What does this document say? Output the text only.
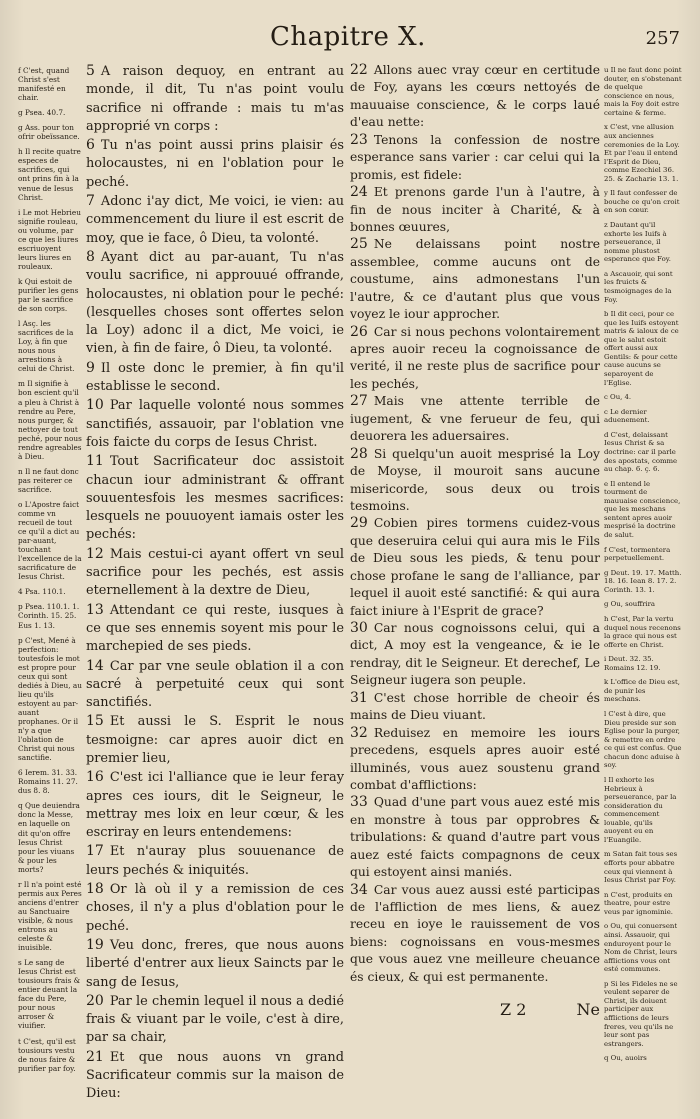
Chapitre X.	257
f C'est, quand Christ s'est manifesté en chair.
g Psea. 40.7.
g Ass. pour ton ofrir obeïssance.
h Il recite quatre especes de sacrifices, qui ont prins fin à la venue de Iesus Christ.
i Le mot Hebrieu signifie rouleau, ou volume, par ce que les liures escriuoyent leurs liures en rouleaux.
k Qui estoit de purifier les gens par le sacrifice de son corps.
l Asç. les sacrifices de la Loy, à fin que nous nous arrestions à celui de Christ.
m Il signifie à bon escient qu'il a pleu à Christ à rendre au Pere, nous purger, & nettoyer de tout peché, pour nous rendre agreables à Dieu.
n Il ne faut donc pas reiterer ce sacrifice.
o L'Apostre faict comme vn recueil de tout ce qu'il a dict au par-auant, touchant l'excellence de la sacrificature de Iesus Christ.
4 Psa. 110.1.
p Psea. 110.1. 1. Corinth. 15. 25. Eus 1. 13.
p C'est, Mené à perfection: toutesfois le mot est propre pour ceux qui sont dediés à Dieu, au lieu qu'ils estoyent au par-auant prophanes. Or il n'y a que l'oblation de Christ qui nous sanctifie.
6 Ierem. 31. 33. Romains 11. 27. dus 8. 8.
q Que deuiendra donc la Messe, en laquelle on dit qu'on offre Iesus Christ pour les viuans & pour les morts?
r Il n'a point esté permis aux Peres anciens d'entrer au Sanctuaire visible, & nous entrons au celeste & inuisible.
s Le sang de Iesus Christ est tousiours frais & entier deuant la face du Pere, pour nous arroser & viuifier.
t C'est, qu'il est tousiours vestu de nous faire & purifier par foy.

5 A raison dequoy, en entrant au monde, il dit, Tu n'as point voulu sacrifice ni offrande : mais tu m'as approprié vn corps :

6 Tu n'as point aussi prins plaisir és holocaustes, ni en l'oblation pour le peché.

7 Adonc i'ay dict, Me voici, ie vien: au commencement du liure il est escrit de moy, que ie face, ô Dieu, ta volonté.

8 Ayant dict au par-auant, Tu n'as voulu sacrifice, ni approuué offrande, holocaustes, ni oblation pour le peché: (lesquelles choses sont offertes selon la Loy) adonc il a dict, Me voici, ie vien, à fin de faire, ô Dieu, ta volonté.

9 Il oste donc le premier, à fin qu'il establisse le second.

10 Par laquelle volonté nous sommes sanctifiés, assauoir, par l'oblation vne fois faicte du corps de Iesus Christ.

11 Tout Sacrificateur doc assistoit chacun iour administrant & offrant souuentesfois les mesmes sacrifices: lesquels ne pouuoyent iamais oster les pechés:

12 Mais cestui-ci ayant offert vn seul sacrifice pour les pechés, est assis eternellement à la dextre de Dieu,

13 Attendant ce qui reste, iusques à ce que ses ennemis soyent mis pour le marchepied de ses pieds.

14 Car par vne seule oblation il a con sacré à perpetuité ceux qui sont sanctifiés.

15 Et aussi le S. Esprit le nous tesmoigne: car apres auoir dict en premier lieu,

16 C'est ici l'alliance que ie leur feray apres ces iours, dit le Seigneur, le mettray mes loix en leur cœur, & les escriray en leurs entendemens:

17 Et n'auray plus souuenance de leurs pechés & iniquités.

18 Or là où il y a remission de ces choses, il n'y a plus d'oblation pour le peché.

19 Veu donc, freres, que nous auons liberté d'entrer aux lieux Saincts par le sang de Iesus,

20 Par le chemin lequel il nous a dedié frais & viuant par le voile, c'est à dire, par sa chair,

21 Et que nous auons vn grand Sacrificateur commis sur la maison de Dieu:

22 Allons auec vray cœur en certitude de Foy, ayans les cœurs nettoyés de mauuaise conscience, & le corps laué d'eau nette:

23 Tenons la confession de nostre esperance sans varier : car celui qui la promis, est fidele:

24 Et prenons garde l'un à l'autre, à fin de nous inciter à Charité, & à bonnes œuures,

25 Ne delaissans point nostre assemblee, comme aucuns ont de coustume, ains admonestans l'un l'autre, & ce d'autant plus que vous voyez le iour approcher.

26 Car si nous pechons volontairement apres auoir receu la cognoissance de verité, il ne reste plus de sacrifice pour les pechés,

27 Mais vne attente terrible de iugement, & vne ferueur de feu, qui deuorera les aduersaires.

28 Si quelqu'un auoit mesprisé la Loy de Moyse, il mouroit sans aucune misericorde, sous deux ou trois tesmoins.

29 Cobien pires tormens cuidez-vous que deseruira celui qui aura mis le Fils de Dieu sous les pieds, & tenu pour chose profane le sang de l'alliance, par lequel il auoit esté sanctifié: & qui aura faict iniure à l'Esprit de grace?

30 Car nous cognoissons celui, qui a dict, A moy est la vengeance, & ie le rendray, dit le Seigneur. Et derechef, Le Seigneur iugera son peuple.

31 C'est chose horrible de cheoir és mains de Dieu viuant.

32 Reduisez en memoire les iours precedens, esquels apres auoir esté illuminés, vous auez soustenu grand combat d'afflictions:

33 Quad d'une part vous auez esté mis en monstre à tous par opprobres & tribulations: & quand d'autre part vous auez esté faicts compagnons de ceux qui estoyent ainsi maniés.

34 Car vous auez aussi esté participas de l'affliction de mes liens, & auez receu en ioye le rauissement de vos biens: cognoissans en vous-mesmes que vous auez vne meilleure cheuance és cieux, & qui est permanente.

u Il ne faut donc point douter, en s'obstenant de quelque conscience en nous, mais la Foy doit estre certaine & ferme.
x C'est, vne allusion aux anciennes ceremonies de la Loy. Et par l'eau il entend l'Esprit de Dieu, comme Ezechiel 36. 25. & Zacharie 13. 1.
y Il faut confesser de bouche ce qu'on croit en son cœur.
z Dautant qu'il exhorte les Iuifs à perseuerance, il nomme plustost esperance que Foy.
a Ascauoir, qui sont les fruicts & tesmoignages de la Foy.
b Il dit ceci, pour ce que les Iuifs estoyent matris & ialoux de ce que le salut estoit offert aussi aux Gentils: & pour cette cause aucuns se separoyent de l'Eglise.
c Ou, 4.
c Le dernier aduenement.
d C'est, delaissant Iesus Christ & sa doctrine: car il parle des apostats, comme au chap. 6. ç. 6.
e Il entend le tourment de mauuaise conscience, que les meschans sentent apres auoir mesprisé la doctrine de salut.
f C'est, tormentera perpetuellement.
g Deut. 19. 17. Matth. 18. 16. Iean 8. 17. 2. Corinth. 13. 1.
g Ou, souffrira
h C'est, Par la vertu duquel nous recenons la grace qui nous est offerte en Christ.
i Deut. 32. 35. Romains 12. 19.
k L'office de Dieu est, de punir les meschans.
l C'est à dire, que Dieu preside sur son Eglise pour la purger, & remettre en ordre ce qui est confus. Que chacun donc aduise à soy.
l Il exhorte les Hebrieux à perseuerance, par la consideration du commencement louable, qu'ils auoyent eu en l'Euangile.
m Satan fait tous ses efforts pour abbatre ceux qui viennent à Iesus Christ par Foy.
n C'est, produits en theatre, pour estre veus par ignominie.
o Ou, qui conuersent ainsi. Assauoir, qui enduroyent pour le Nom de Christ, leurs afflictions vous ont esté communes.
p Si les Fideles ne se veulent separer de Christ, ils doiuent participer aux afflictions de leurs freres, veu qu'ils ne leur sont pas estrangers.
q Ou, auoirs
Z 2	Ne
